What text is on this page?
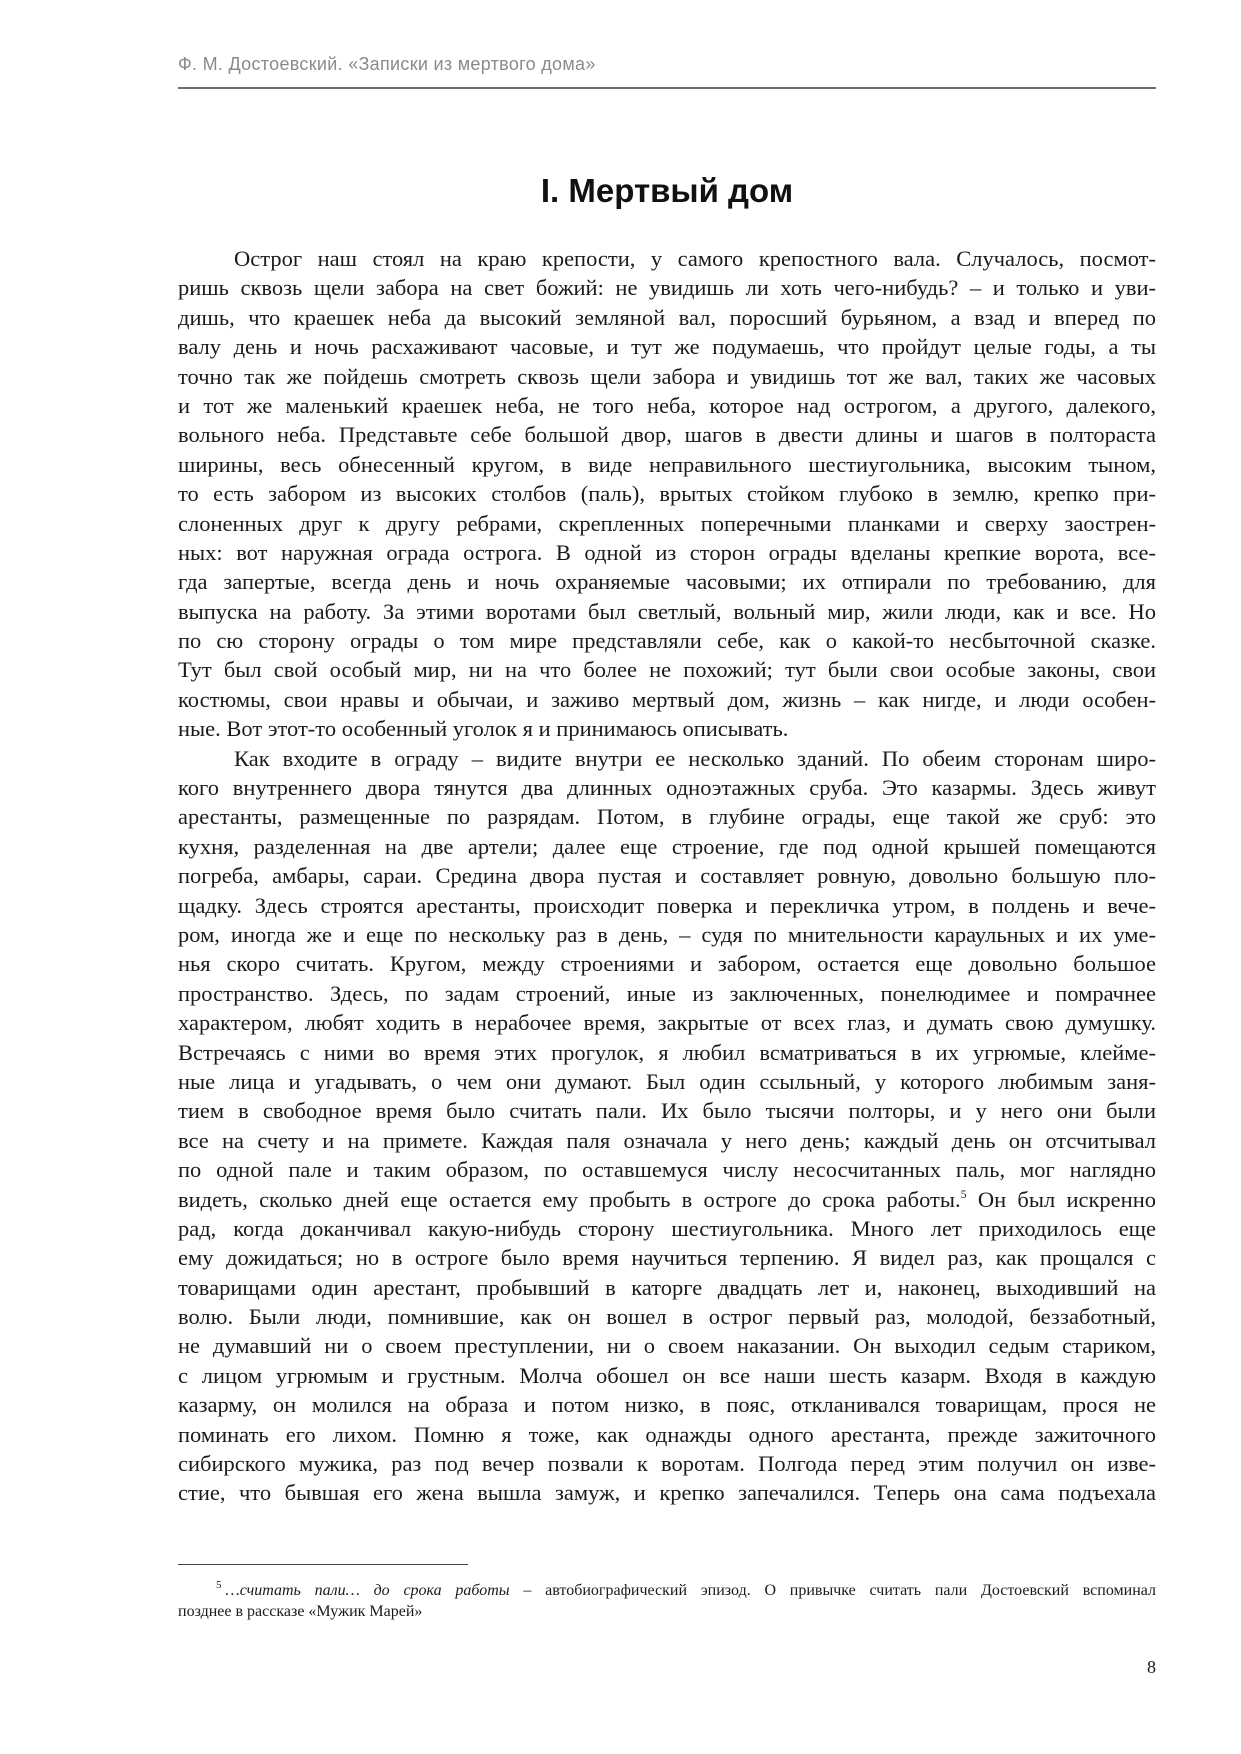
Ф. М. Достоевский. «Записки из мертвого дома»
I. Мертвый дом
Острог наш стоял на краю крепости, у самого крепостного вала. Случалось, посмот-
ришь сквозь щели забора на свет божий: не увидишь ли хоть чего-нибудь? – и только и уви-
дишь, что краешек неба да высокий земляной вал, поросший бурьяном, а взад и вперед по
валу день и ночь расхаживают часовые, и тут же подумаешь, что пройдут целые годы, а ты
точно так же пойдешь смотреть сквозь щели забора и увидишь тот же вал, таких же часовых
и тот же маленький краешек неба, не того неба, которое над острогом, а другого, далекого,
вольного неба. Представьте себе большой двор, шагов в двести длины и шагов в полтораста
ширины, весь обнесенный кругом, в виде неправильного шестиугольника, высоким тыном,
то есть забором из высоких столбов (паль), врытых стойком глубоко в землю, крепко при-
слоненных друг к другу ребрами, скрепленных поперечными планками и сверху заострен-
ных: вот наружная ограда острога. В одной из сторон ограды вделаны крепкие ворота, все-
гда запертые, всегда день и ночь охраняемые часовыми; их отпирали по требованию, для
выпуска на работу. За этими воротами был светлый, вольный мир, жили люди, как и все. Но
по сю сторону ограды о том мире представляли себе, как о какой-то несбыточной сказке.
Тут был свой особый мир, ни на что более не похожий; тут были свои особые законы, свои
костюмы, свои нравы и обычаи, и заживо мертвый дом, жизнь – как нигде, и люди особен-
ные. Вот этот-то особенный уголок я и принимаюсь описывать.
Как входите в ограду – видите внутри ее несколько зданий. По обеим сторонам широ-
кого внутреннего двора тянутся два длинных одноэтажных сруба. Это казармы. Здесь живут
арестанты, размещенные по разрядам. Потом, в глубине ограды, еще такой же сруб: это
кухня, разделенная на две артели; далее еще строение, где под одной крышей помещаются
погреба, амбары, сараи. Средина двора пустая и составляет ровную, довольно большую пло-
щадку. Здесь строятся арестанты, происходит поверка и перекличка утром, в полдень и вече-
ром, иногда же и еще по нескольку раз в день, – судя по мнительности караульных и их уме-
нья скоро считать. Кругом, между строениями и забором, остается еще довольно большое
пространство. Здесь, по задам строений, иные из заключенных, понелюдимее и помрачнее
характером, любят ходить в нерабочее время, закрытые от всех глаз, и думать свою думушку.
Встречаясь с ними во время этих прогулок, я любил всматриваться в их угрюмые, клейме-
ные лица и угадывать, о чем они думают. Был один ссыльный, у которого любимым заня-
тием в свободное время было считать пали. Их было тысячи полторы, и у него они были
все на счету и на примете. Каждая паля означала у него день; каждый день он отсчитывал
по одной пале и таким образом, по оставшемуся числу несосчитанных паль, мог наглядно
видеть, сколько дней еще остается ему пробыть в остроге до срока работы.$^5$ Он был искренно
рад, когда доканчивал какую-нибудь сторону шестиугольника. Много лет приходилось еще
ему дожидаться; но в остроге было время научиться терпению. Я видел раз, как прощался с
товарищами один арестант, пробывший в каторге двадцать лет и, наконец, выходивший на
волю. Были люди, помнившие, как он вошел в острог первый раз, молодой, беззаботный,
не думавший ни о своем преступлении, ни о своем наказании. Он выходил седым стариком,
с лицом угрюмым и грустным. Молча обошел он все наши шесть казарм. Входя в каждую
казарму, он молился на образа и потом низко, в пояс, откланивался товарищам, прося не
поминать его лихом. Помню я тоже, как однажды одного арестанта, прежде зажиточного
сибирского мужика, раз под вечер позвали к воротам. Полгода перед этим получил он изве-
стие, что бывшая его жена вышла замуж, и крепко запечалился. Теперь она сама подъехала
$^5$ …считать пали… до срока работы – автобиографический эпизод. О привычке считать пали Достоевский вспоминал
позднее в рассказе «Мужик Марей»
8
